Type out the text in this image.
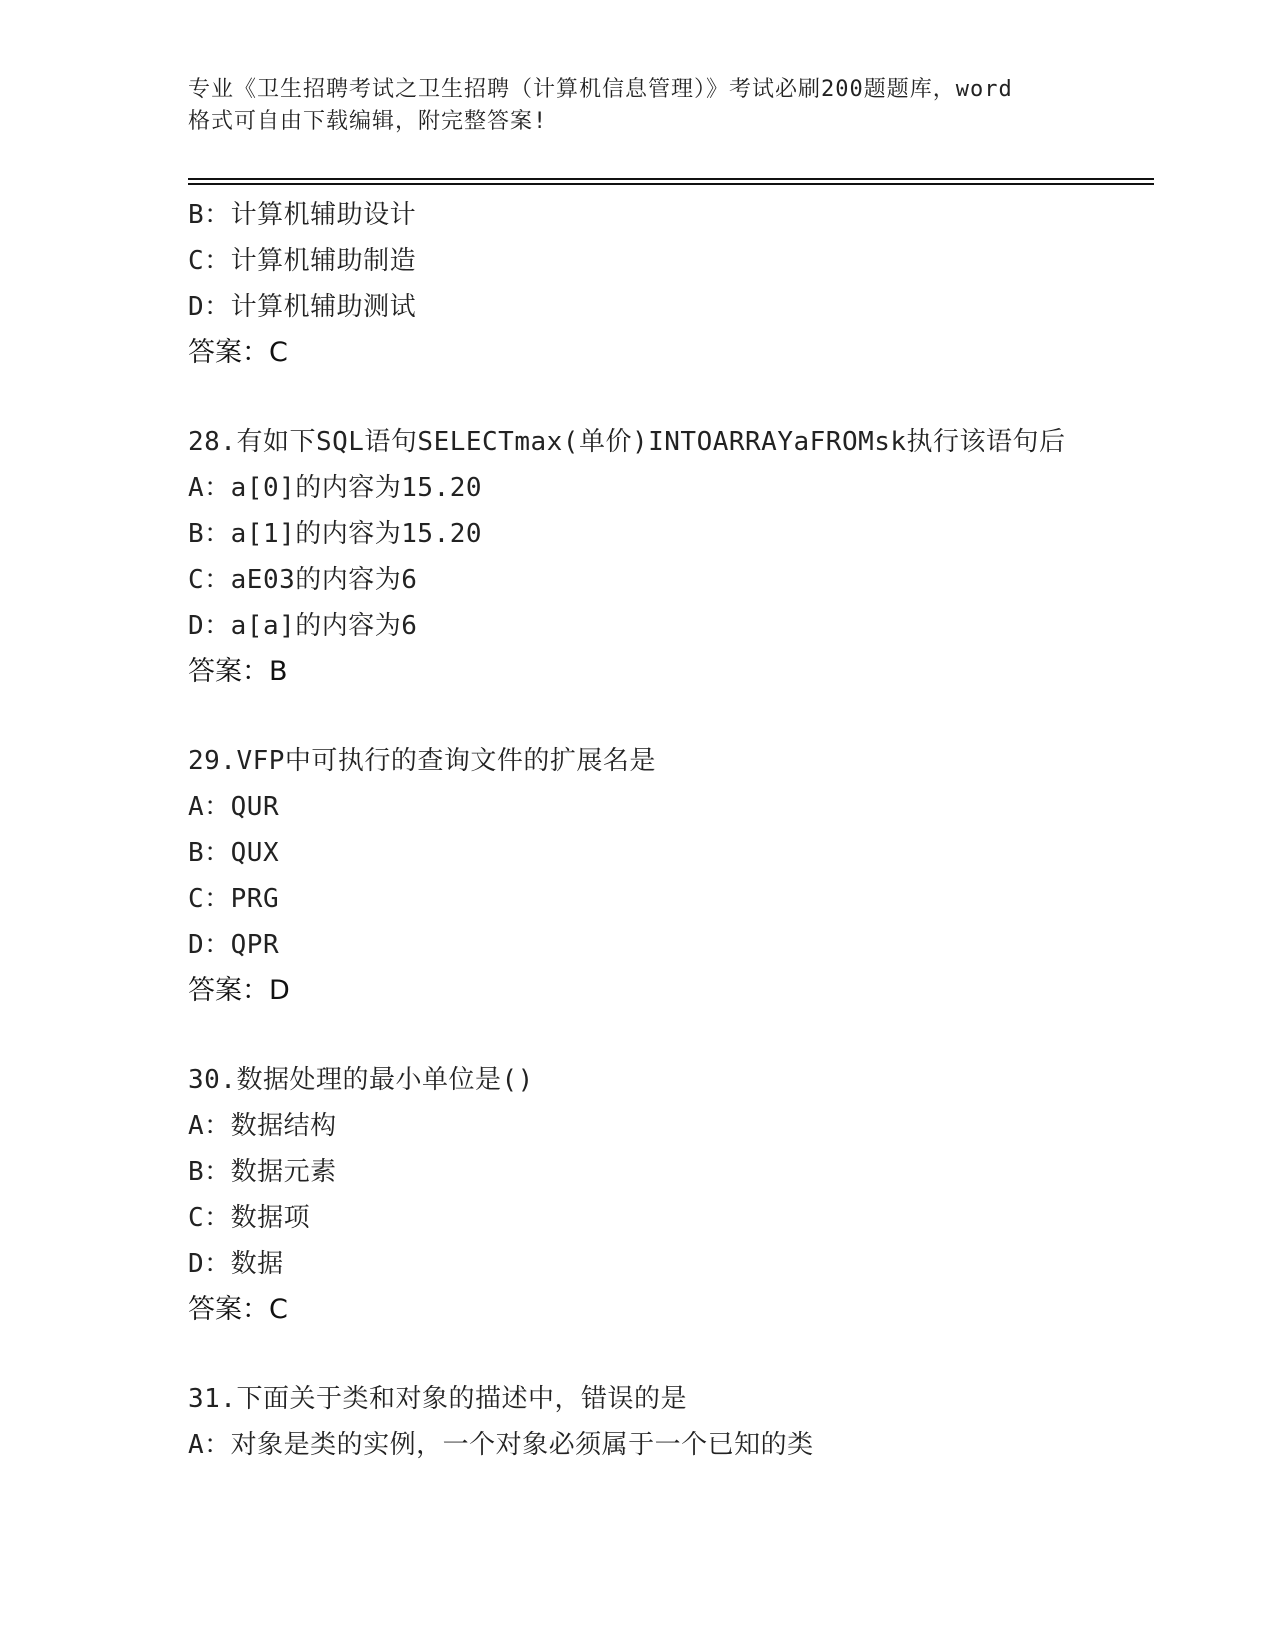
专业《卫生招聘考试之卫生招聘（计算机信息管理）》考试必刷200题题库，word
格式可自由下载编辑，附完整答案!
B：计算机辅助设计
C：计算机辅助制造
D：计算机辅助测试
答案：C
28.有如下SQL语句SELECTmax(单价)INTOARRAYaFROMsk执行该语句后
A：a[0]的内容为15.20
B：a[1]的内容为15.20
C：aE03的内容为6
D：a[a]的内容为6
答案：B
29.VFP中可执行的查询文件的扩展名是
A：QUR
B：QUX
C：PRG
D：QPR
答案：D
30.数据处理的最小单位是()
A：数据结构
B：数据元素
C：数据项
D：数据
答案：C
31.下面关于类和对象的描述中，错误的是
A：对象是类的实例，一个对象必须属于一个已知的类
